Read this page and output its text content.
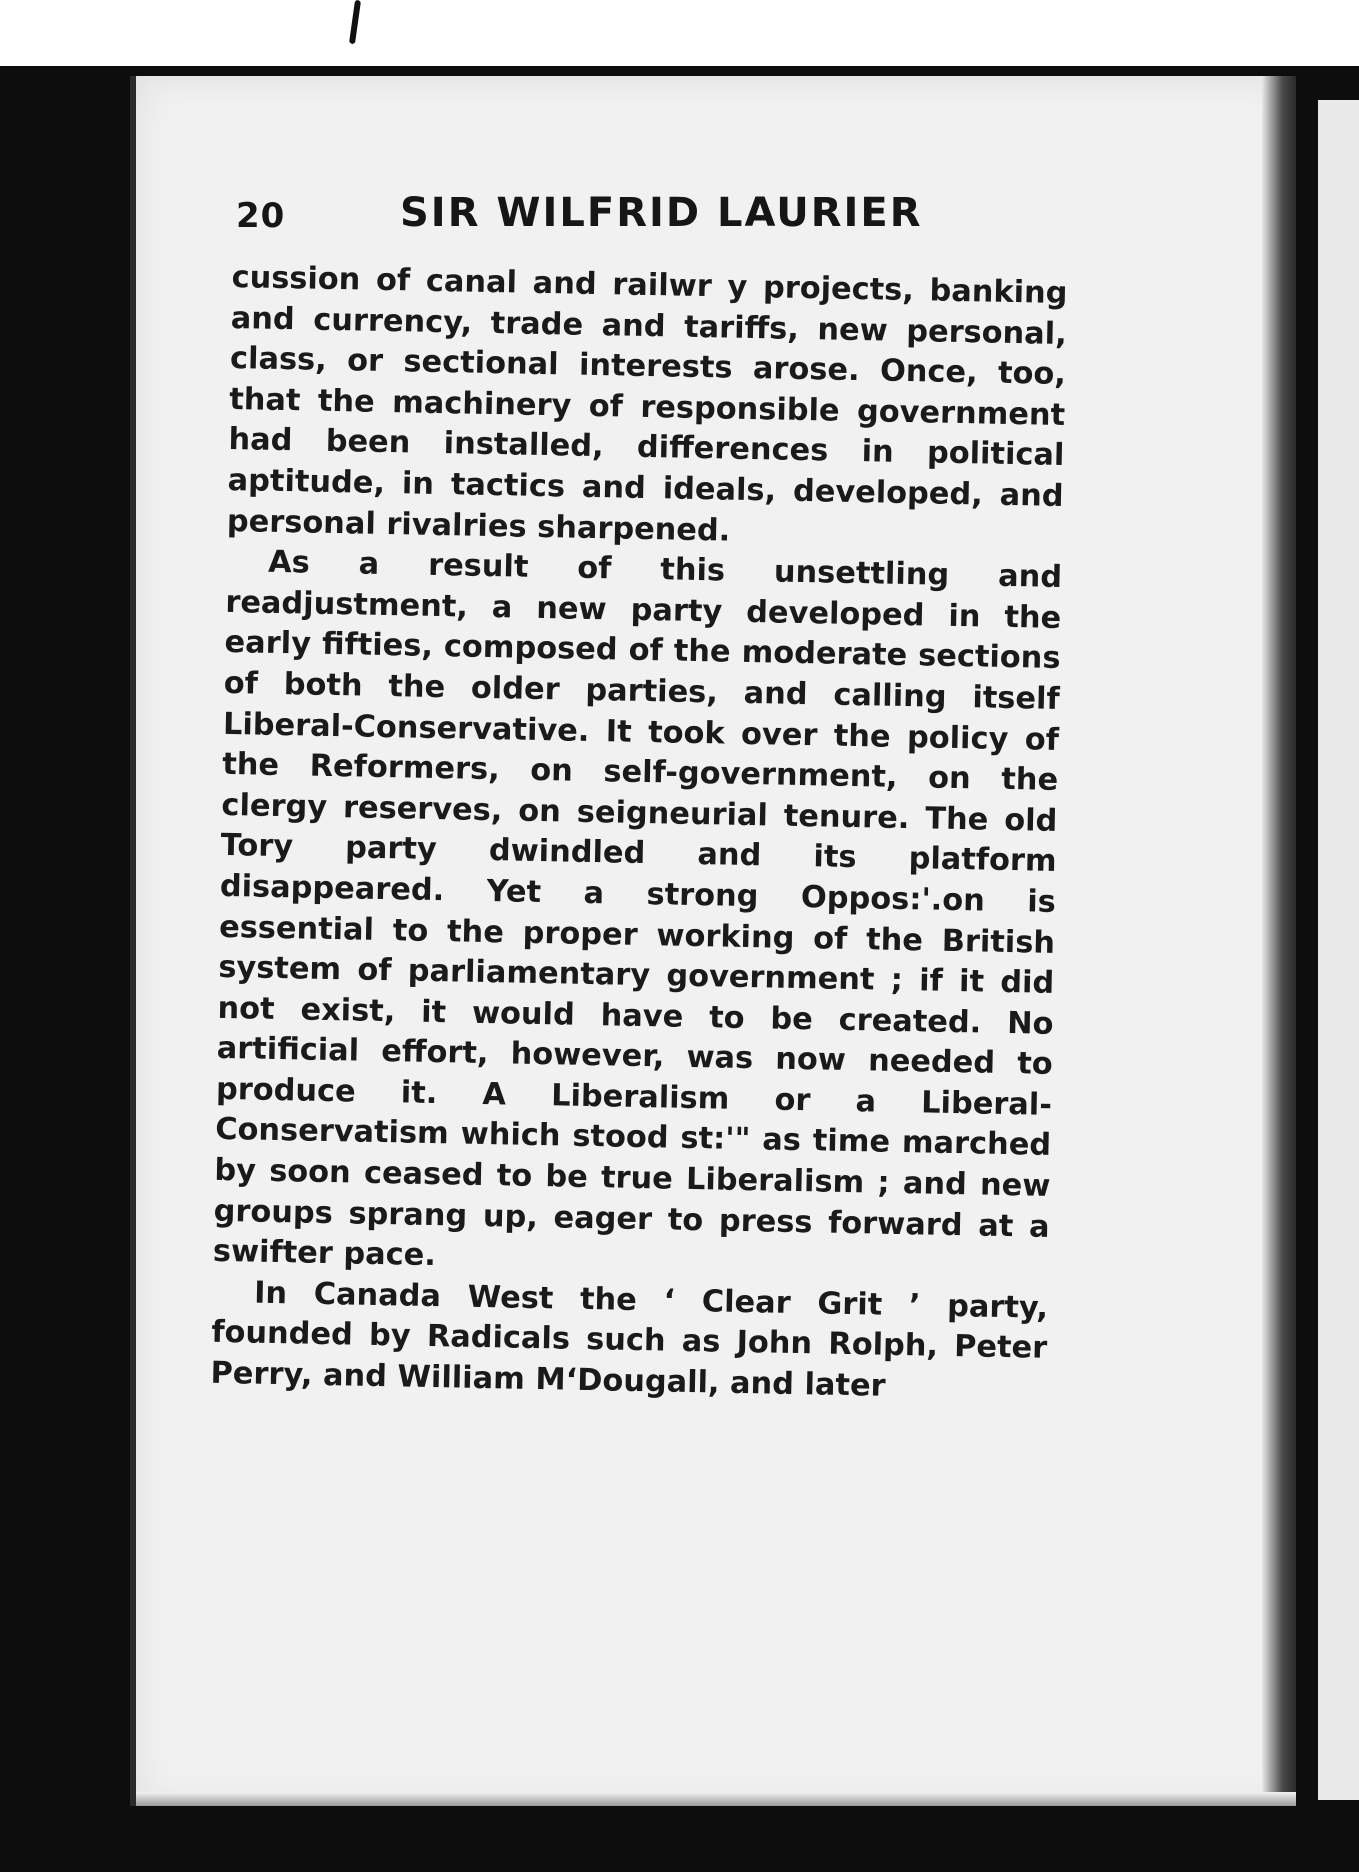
20	SIR WILFRID LAURIER

cussion of canal and railwr y projects, banking and currency, trade and tariffs, new personal, class, or sectional interests arose. Once, too, that the machinery of responsible government had been installed, differences in political aptitude, in tactics and ideals, developed, and personal rivalries sharpened.

As a result of this unsettling and readjustment, a new party developed in the early fifties, composed of the moderate sections of both the older parties, and calling itself Liberal-Conservative. It took over the policy of the Reformers, on self-government, on the clergy reserves, on seigneurial tenure. The old Tory party dwindled and its platform disappeared. Yet a strong Oppos:'.on is essential to the proper working of the British system of parliamentary government ; if it did not exist, it would have to be created. No artificial effort, however, was now needed to produce it. A Liberalism or a Liberal-Conservatism which stood st:'" as time marched by soon ceased to be true Liberalism ; and new groups sprang up, eager to press forward at a swifter pace.

In Canada West the ‘ Clear Grit ’ party, founded by Radicals such as John Rolph, Peter Perry, and William M‘Dougall, and later
